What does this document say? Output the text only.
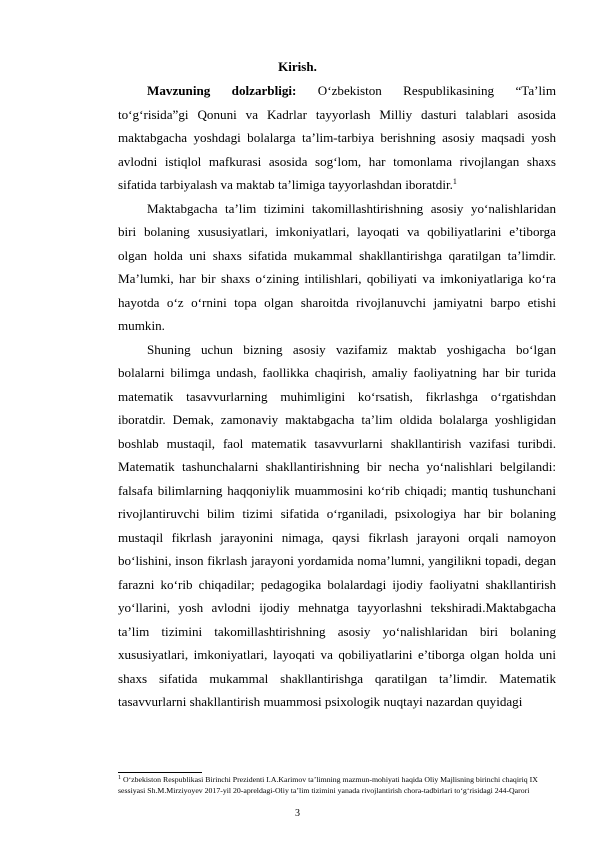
Kirish.

Mavzuning dolzarbligi: O‘zbekiston Respublikasining “Ta’lim to‘g‘risida”gi Qonuni va Kadrlar tayyorlash Milliy dasturi talablari asosida maktabgacha yoshdagi bolalarga ta’lim-tarbiya berishning asosiy maqsadi yosh avlodni istiqlol mafkurasi asosida sog‘lom, har tomonlama rivojlangan shaxs sifatida tarbiyalash va maktab ta’limiga tayyorlashdan iboratdir.$^1$

Maktabgacha ta’lim tizimini takomillashtirishning asosiy yo‘nalishlaridan biri bolaning xususiyatlari, imkoniyatlari, layoqati va qobiliyatlarini e’tiborga olgan holda uni shaxs sifatida mukammal shakllantirishga qaratilgan ta’limdir. Ma’lumki, har bir shaxs o‘zining intilishlari, qobiliyati va imkoniyatlariga ko‘ra hayotda o‘z o‘rnini topa olgan sharoitda rivojlanuvchi jamiyatni barpo etishi mumkin.

Shuning uchun bizning asosiy vazifamiz maktab yoshigacha bo‘lgan bolalarni bilimga undash, faollikka chaqirish, amaliy faoliyatning har bir turida matematik tasavvurlarning muhimligini ko‘rsatish, fikrlashga o‘rgatishdan iboratdir. Demak, zamonaviy maktabgacha ta’lim oldida bolalarga yoshligidan boshlab mustaqil, faol matematik tasavvurlarni shakllantirish vazifasi turibdi. Matematik tashunchalarni shakllantirishning bir necha yo‘nalishlari belgilandi: falsafa bilimlarning haqqoniylik muammosini ko‘rib chiqadi; mantiq tushunchani rivojlantiruvchi bilim tizimi sifatida o‘rganiladi, psixologiya har bir bolaning mustaqil fikrlash jarayonini nimaga, qaysi fikrlash jarayoni orqali namoyon bo‘lishini, inson fikrlash jarayoni yordamida noma’lumni, yangilikni topadi, degan farazni ko‘rib chiqadilar; pedagogika bolalardagi ijodiy faoliyatni shakllantirish yo‘llarini, yosh avlodni ijodiy mehnatga tayyorlashni tekshiradi.Maktabgacha ta’lim tizimini takomillashtirishning asosiy yo‘nalishlaridan biri bolaning xususiyatlari, imkoniyatlari, layoqati va qobiliyatlarini e’tiborga olgan holda uni shaxs sifatida mukammal shakllantirishga qaratilgan ta’limdir. Matematik tasavvurlarni shakllantirish muammosi psixologik nuqtayi nazardan quyidagi

$^1$ O‘zbekiston Respublikasi Birinchi Prezidenti I.A.Karimov ta’limning mazmun-mohiyati haqida Oliy Majlisning birinchi chaqiriq IX sessiyasi Sh.M.Mirziyoyev 2017-yil 20-apreldagi-Oliy ta’lim tizimini yanada rivojlantirish chora-tadbirlari to‘g‘risidagi 244-Qarori
3
